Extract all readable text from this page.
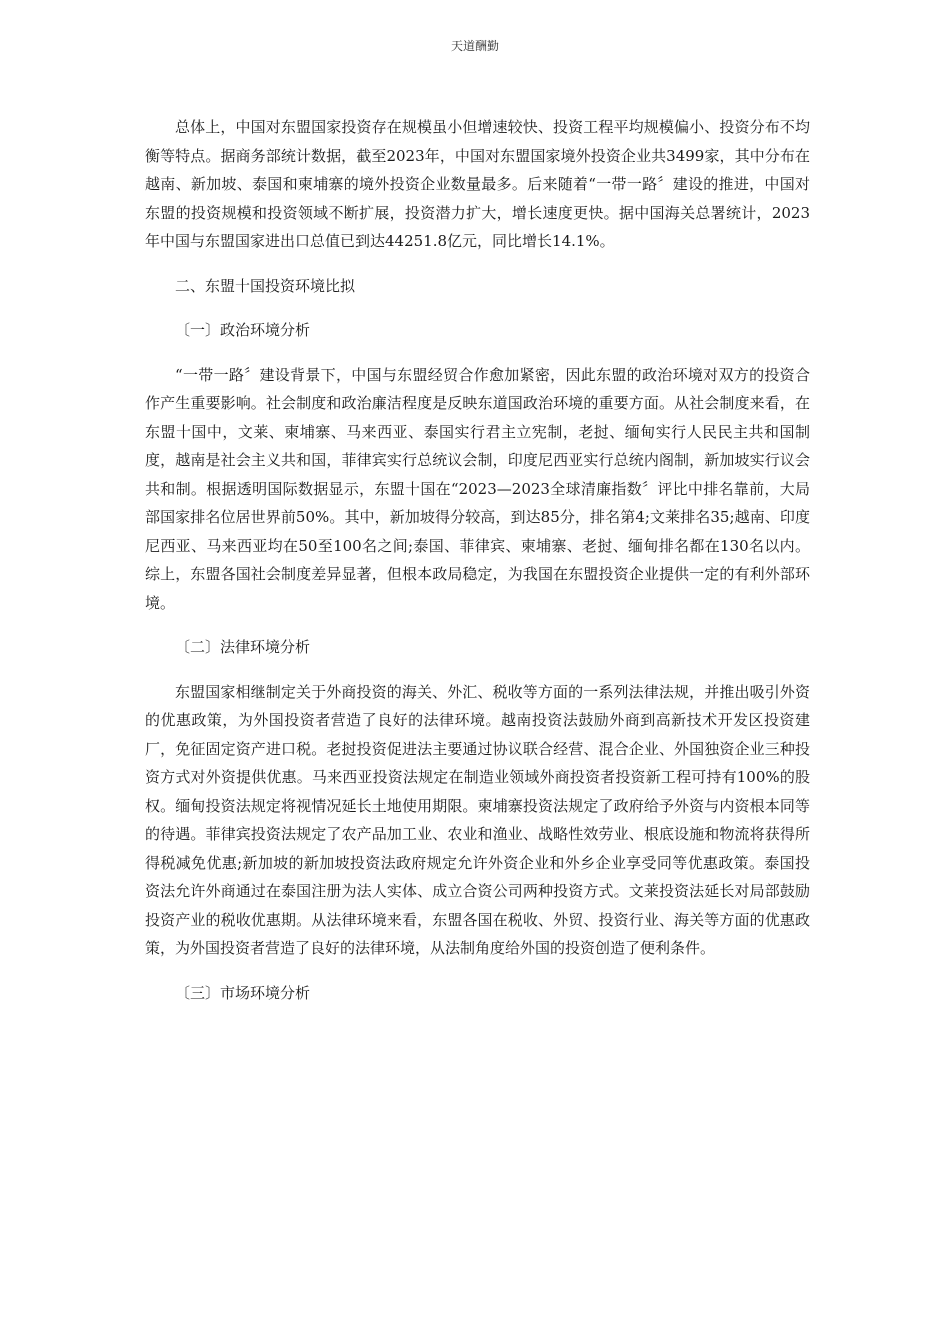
天道酬勤

总体上，中国对东盟国家投资存在规模虽小但增速较快、投资工程平均规模偏小、投资分布不均衡等特点。据商务部统计数据，截至2023年，中国对东盟国家境外投资企业共3499家，其中分布在越南、新加坡、泰国和柬埔寨的境外投资企业数量最多。后来随着“一带一路〞建设的推进，中国对东盟的投资规模和投资领域不断扩展，投资潜力扩大，增长速度更快。据中国海关总署统计，2023年中国与东盟国家进出口总值已到达44251.8亿元，同比增长14.1%。

二、东盟十国投资环境比拟

〔一〕政治环境分析

“一带一路〞建设背景下，中国与东盟经贸合作愈加紧密，因此东盟的政治环境对双方的投资合作产生重要影响。社会制度和政治廉洁程度是反映东道国政治环境的重要方面。从社会制度来看，在东盟十国中，文莱、柬埔寨、马来西亚、泰国实行君主立宪制，老挝、缅甸实行人民民主共和国制度，越南是社会主义共和国，菲律宾实行总统议会制，印度尼西亚实行总统内阁制，新加坡实行议会共和制。根据透明国际数据显示，东盟十国在“2023—2023全球清廉指数〞评比中排名靠前，大局部国家排名位居世界前50%。其中，新加坡得分较高，到达85分，排名第4;文莱排名35;越南、印度尼西亚、马来西亚均在50至100名之间;泰国、菲律宾、柬埔寨、老挝、缅甸排名都在130名以内。综上，东盟各国社会制度差异显著，但根本政局稳定，为我国在东盟投资企业提供一定的有利外部环境。

〔二〕法律环境分析

东盟国家相继制定关于外商投资的海关、外汇、税收等方面的一系列法律法规，并推出吸引外资的优惠政策，为外国投资者营造了良好的法律环境。越南投资法鼓励外商到高新技术开发区投资建厂，免征固定资产进口税。老挝投资促进法主要通过协议联合经营、混合企业、外国独资企业三种投资方式对外资提供优惠。马来西亚投资法规定在制造业领域外商投资者投资新工程可持有100%的股权。缅甸投资法规定将视情况延长土地使用期限。柬埔寨投资法规定了政府给予外资与内资根本同等的待遇。菲律宾投资法规定了农产品加工业、农业和渔业、战略性效劳业、根底设施和物流将获得所得税减免优惠;新加坡的新加坡投资法政府规定允许外资企业和外乡企业享受同等优惠政策。泰国投资法允许外商通过在泰国注册为法人实体、成立合资公司两种投资方式。文莱投资法延长对局部鼓励投资产业的税收优惠期。从法律环境来看，东盟各国在税收、外贸、投资行业、海关等方面的优惠政策，为外国投资者营造了良好的法律环境，从法制角度给外国的投资创造了便利条件。

〔三〕市场环境分析
